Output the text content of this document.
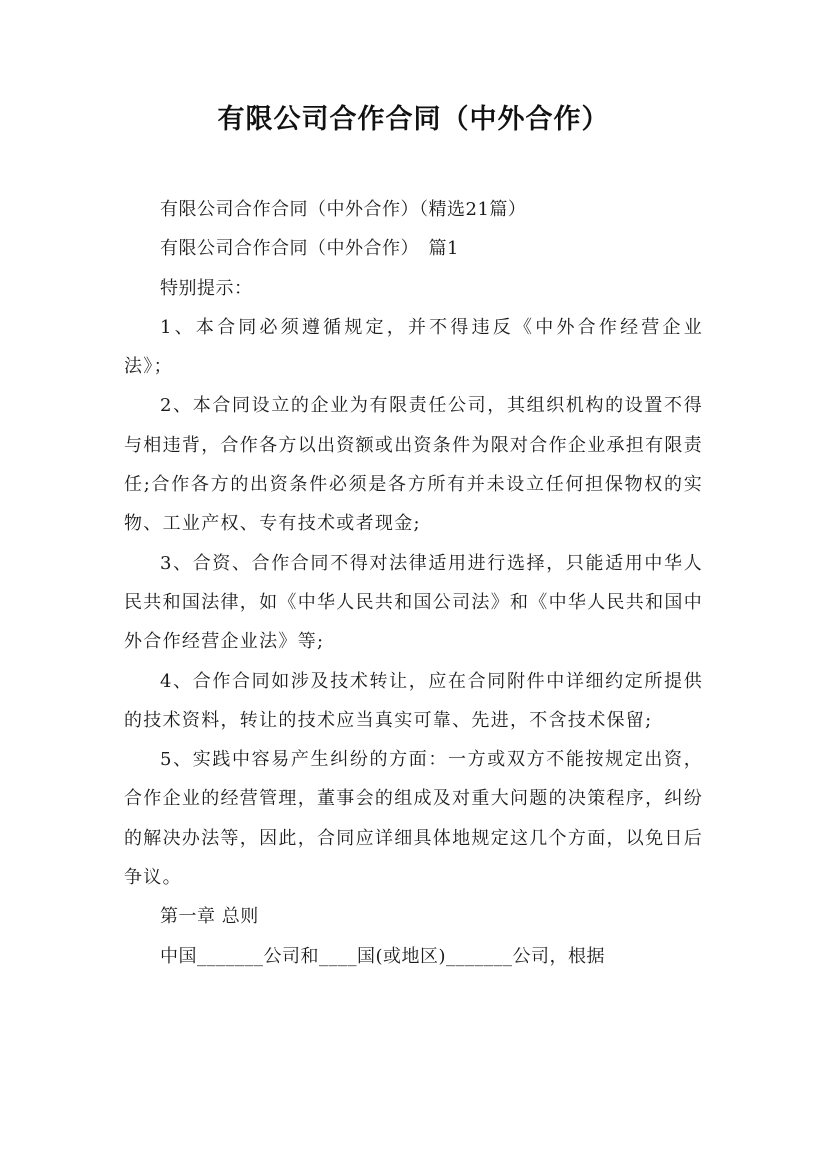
有限公司合作合同（中外合作）

有限公司合作合同（中外合作）（精选21篇）

有限公司合作合同（中外合作）　篇1

特别提示：

1、本合同必须遵循规定，并不得违反《中外合作经营企业法》；

2、本合同设立的企业为有限责任公司，其组织机构的设置不得与相违背，合作各方以出资额或出资条件为限对合作企业承担有限责任;合作各方的出资条件必须是各方所有并未设立任何担保物权的实物、工业产权、专有技术或者现金;

3、合资、合作合同不得对法律适用进行选择，只能适用中华人民共和国法律，如《中华人民共和国公司法》和《中华人民共和国中外合作经营企业法》等;

4、合作合同如涉及技术转让，应在合同附件中详细约定所提供的技术资料，转让的技术应当真实可靠、先进，不含技术保留;

5、实践中容易产生纠纷的方面：一方或双方不能按规定出资，合作企业的经营管理，董事会的组成及对重大问题的决策程序，纠纷的解决办法等，因此，合同应详细具体地规定这几个方面，以免日后争议。

第一章 总则

中国_______公司和____国(或地区)_______公司，根据
